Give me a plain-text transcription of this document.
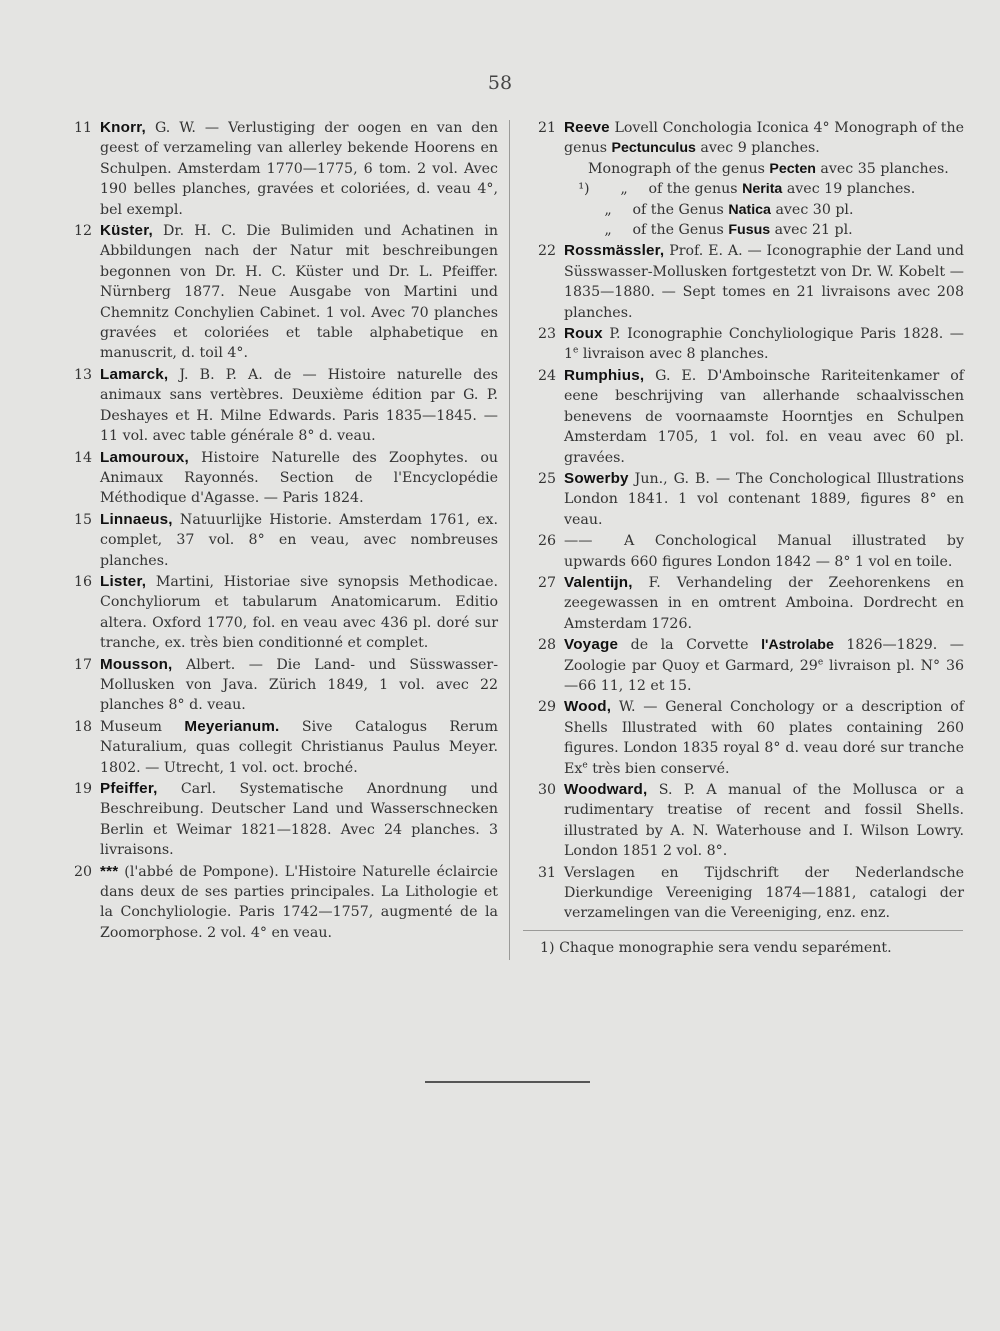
58
11 Knorr, G. W. — Verlustiging der oogen en van den geest of verzameling van allerley bekende Hoorens en Schulpen. Amsterdam 1770—1775, 6 tom. 2 vol. Avec 190 belles planches, gravées et coloriées, d. veau 4°, bel exempl.
12 Küster, Dr. H. C. Die Bulimiden und Achatinen in Abbildungen nach der Natur mit beschreibungen begonnen von Dr. H. C. Küster und Dr. L. Pfeiffer. Nürnberg 1877. Neue Ausgabe von Martini und Chemnitz Conchylien Cabinet. 1 vol. Avec 70 planches gravées et coloriées et table alphabetique en manuscrit, d. toil 4°.
13 Lamarck, J. B. P. A. de — Histoire naturelle des animaux sans vertèbres. Deuxième édition par G. P. Deshayes et H. Milne Edwards. Paris 1835—1845. — 11 vol. avec table générale 8° d. veau.
14 Lamouroux, Histoire Naturelle des Zoophytes. ou Animaux Rayonnés. Section de l'Encyclopédie Méthodique d'Agasse. — Paris 1824.
15 Linnaeus, Natuurlijke Historie. Amsterdam 1761, ex. complet, 37 vol. 8° en veau, avec nombreuses planches.
16 Lister, Martini, Historiae sive synopsis Methodicae. Conchyliorum et tabularum Anatomicarum. Editio altera. Oxford 1770, fol. en veau avec 436 pl. doré sur tranche, ex. très bien conditionné et complet.
17 Mousson, Albert. — Die Land- und Süsswasser-Mollusken von Java. Zürich 1849, 1 vol. avec 22 planches 8° d. veau.
18 Museum Meyerianum. Sive Catalogus Rerum Naturalium, quas collegit Christianus Paulus Meyer. 1802. — Utrecht, 1 vol. oct. broché.
19 Pfeiffer, Carl. Systematische Anordnung und Beschreibung. Deutscher Land und Wasserschnecken Berlin et Weimar 1821—1828. Avec 24 planches. 3 livraisons.
20 *** (l'abbé de Pompone). L'Histoire Naturelle éclaircie dans deux de ses parties principales. La Lithologie et la Conchyliologie. Paris 1742—1757, augmenté de la Zoomorphose. 2 vol. 4° en veau.
21 Reeve Lovell Conchologia Iconica 4° Monograph of the genus Pectunculus avec 9 planches.
Monograph of the genus Pecten avec 35 planches.
¹) „ of the genus Nerita avec 19 planches.
„ of the Genus Natica avec 30 pl.
„ of the Genus Fusus avec 21 pl.
22 Rossmässler, Prof. E. A. — Iconographie der Land und Süsswasser-Mollusken fortgestetzt von Dr. W. Kobelt — 1835—1880. — Sept tomes en 21 livraisons avec 208 planches.
23 Roux P. Iconographie Conchyliologique Paris 1828. — 1e livraison avec 8 planches.
24 Rumphius, G. E. D'Amboinsche Rariteitenkamer of eene beschrijving van allerhande schaalvisschen benevens de voornaamste Hoorntjes en Schulpen Amsterdam 1705, 1 vol. fol. en veau avec 60 pl. gravées.
25 Sowerby Jun., G. B. — The Conchological Illustrations London 1841. 1 vol contenant 1889, figures 8° en veau.
26 —— A Conchological Manual illustrated by upwards 660 figures London 1842 — 8° 1 vol en toile.
27 Valentijn, F. Verhandeling der Zeehorenkens en zeegewassen in en omtrent Amboina. Dordrecht en Amsterdam 1726.
28 Voyage de la Corvette l'Astrolabe 1826—1829. — Zoologie par Quoy et Garmard, 29e livraison pl. N° 36—66 11, 12 et 15.
29 Wood, W. — General Conchology or a description of Shells Illustrated with 60 plates containing 260 figures. London 1835 royal 8° d. veau doré sur tranche Ex$^e$ très bien conservé.
30 Woodward, S. P. A manual of the Mollusca or a rudimentary treatise of recent and fossil Shells. illustrated by A. N. Waterhouse and I. Wilson Lowry. London 1851 2 vol. 8°.
31 Verslagen en Tijdschrift der Nederlandsche Dierkundige Vereeniging 1874—1881, catalogi der verzamelingen van die Vereeniging, enz. enz.
1) Chaque monographie sera vendu separément.
